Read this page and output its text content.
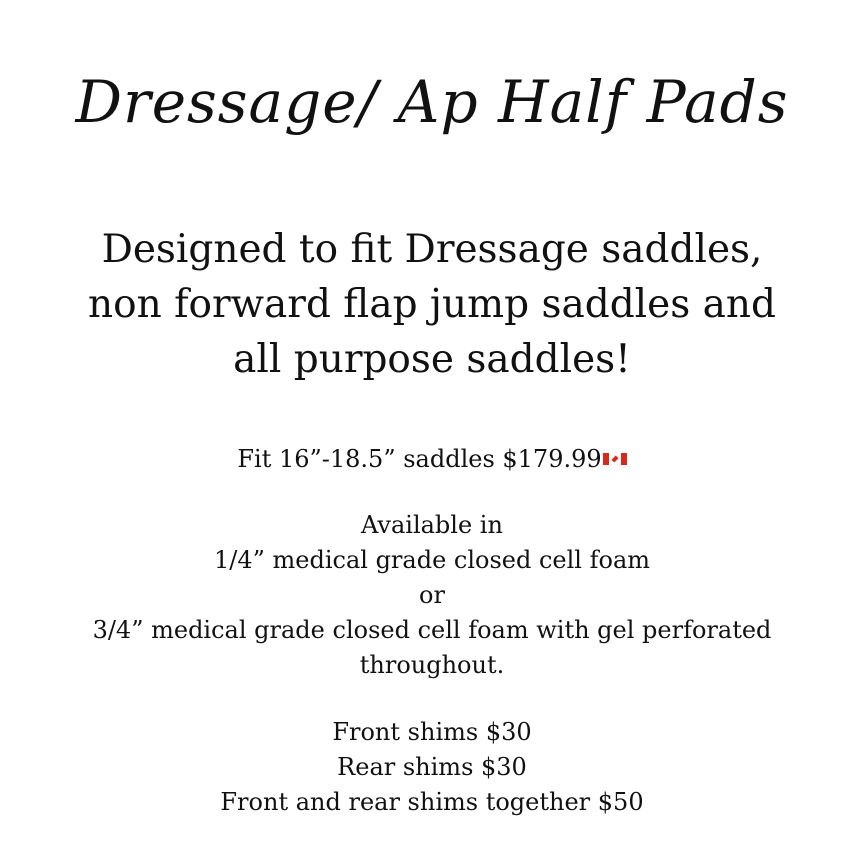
Dressage/ Ap Half Pads
Designed to fit Dressage saddles,
non forward flap jump saddles and
all purpose saddles!
Fit 16”-18.5” saddles $179.99
Available in
1/4” medical grade closed cell foam
or
3/4” medical grade closed cell foam with gel perforated
throughout.
Front shims $30
Rear shims $30
Front and rear shims together $50
